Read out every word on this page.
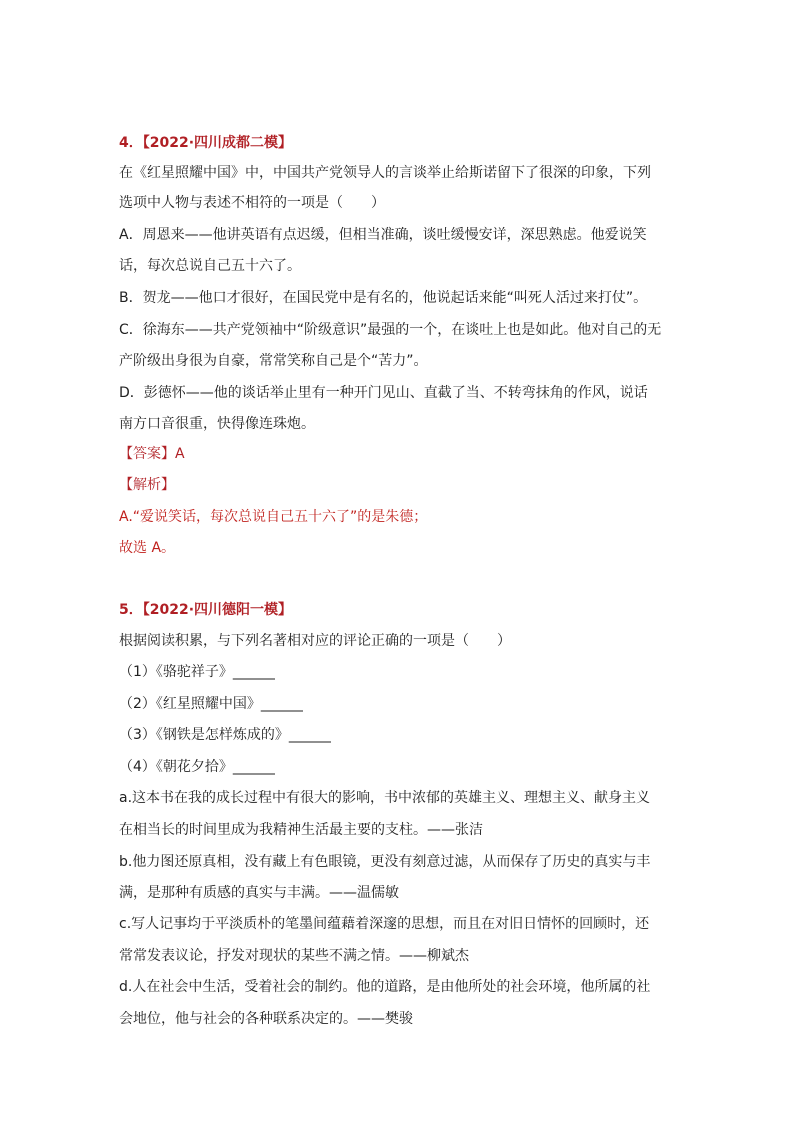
4．【2022·四川成都二模】
在《红星照耀中国》中，中国共产党领导人的言谈举止给斯诺留下了很深的印象，下列
选项中人物与表述不相符的一项是（　　）
A．周恩来——他讲英语有点迟缓，但相当准确，谈吐缓慢安详，深思熟虑。他爱说笑
话，每次总说自己五十六了。
B．贺龙——他口才很好，在国民党中是有名的，他说起话来能“叫死人活过来打仗”。
C．徐海东——共产党领袖中“阶级意识”最强的一个，在谈吐上也是如此。他对自己的无
产阶级出身很为自豪，常常笑称自己是个“苦力”。
D．彭德怀——他的谈话举止里有一种开门见山、直截了当、不转弯抹角的作风，说话
南方口音很重，快得像连珠炮。
【答案】A
【解析】
A.“爱说笑话，每次总说自己五十六了”的是朱德；
故选 A。
5．【2022·四川德阳一模】
根据阅读积累，与下列名著相对应的评论正确的一项是（　　）
（1）《骆驼祥子》______
（2）《红星照耀中国》______
（3）《钢铁是怎样炼成的》______
（4）《朝花夕拾》______
a.这本书在我的成长过程中有很大的影响，书中浓郁的英雄主义、理想主义、献身主义
在相当长的时间里成为我精神生活最主要的支柱。——张洁
b.他力图还原真相，没有藏上有色眼镜，更没有刻意过滤，从而保存了历史的真实与丰
满，是那种有质感的真实与丰满。——温儒敏
c.写人记事均于平淡质朴的笔墨间蕴藉着深邃的思想，而且在对旧日情怀的回顾时，还
常常发表议论，抒发对现状的某些不满之情。——柳斌杰
d.人在社会中生活，受着社会的制约。他的道路，是由他所处的社会环境，他所属的社
会地位，他与社会的各种联系决定的。——樊骏
